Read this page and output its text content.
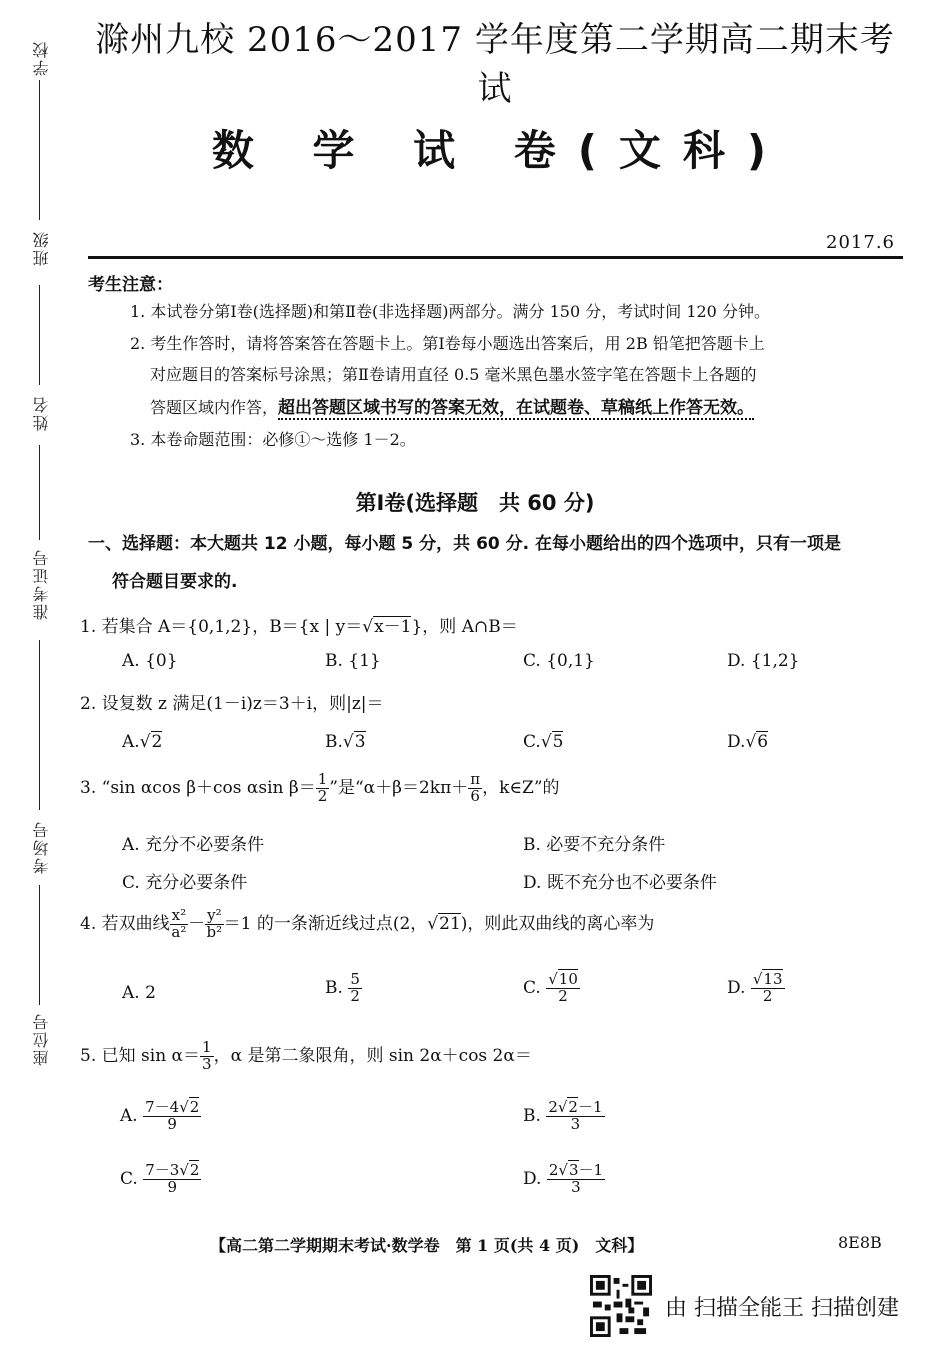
学校
班级
姓名
准考证号
考场号
座位号
滁州九校 2016～2017 学年度第二学期高二期末考试
数 学 试 卷(文科)
2017.6
考生注意：
1. 本试卷分第Ⅰ卷(选择题)和第Ⅱ卷(非选择题)两部分。满分 150 分，考试时间 120 分钟。
2. 考生作答时，请将答案答在答题卡上。第Ⅰ卷每小题选出答案后，用 2B 铅笔把答题卡上
对应题目的答案标号涂黑；第Ⅱ卷请用直径 0.5 毫米黑色墨水签字笔在答题卡上各题的
答题区域内作答，超出答题区域书写的答案无效，在试题卷、草稿纸上作答无效。
3. 本卷命题范围：必修①～选修 1－2。
第Ⅰ卷(选择题　共 60 分)
一、选择题：本大题共 12 小题，每小题 5 分，共 60 分. 在每小题给出的四个选项中，只有一项是
符合题目要求的.
1. 若集合 A＝{0,1,2}，B＝{x | y＝ √ x－1}，则 A∩B＝
A. {0}	B. {1}	C. {0,1}	D. {1,2}
2. 设复数 z 满足(1－i)z＝3＋i，则|z|＝
A. √ 2	B. √ 3	C. √ 5	D. √ 6
3. “sin αcos β＋cos αsin $\beta= \frac{1}{2}$ ”是“$\alpha+\beta=2k\pi+ \frac{\pi}{6}$ ，k∈Z”的
A. 充分不必要条件	B. 必要不充分条件
C. 充分必要条件	D. 既不充分也不必要条件
4. 若双曲线 $\frac{\text{x²}}{\text{a²}} - \frac{\text{y²}}{\text{b²}} =1$ 的一条渐近线过点(2， √ 21)，则此双曲线的离心率为
A. 2	B. $\frac{5}{2}$	C. √ $\frac{10}{2}$	D. √ $\frac{13}{2}$
5. 已知 $\sin \alpha= \frac{1}{3}$ ，α 是第二象限角，则 sin 2α＋cos 2α＝
A. $\frac{7-4 √ 2}{9}$	B. $\frac{2 √ 2-1}{3}$
C. $\frac{7-3 √ 2}{9}$	D. $\frac{2 √ 3-1}{3}$
【高二第二学期期末考试·数学卷　第 1 页(共 4 页)　文科】	8E8B
由 扫描全能王 扫描创建
